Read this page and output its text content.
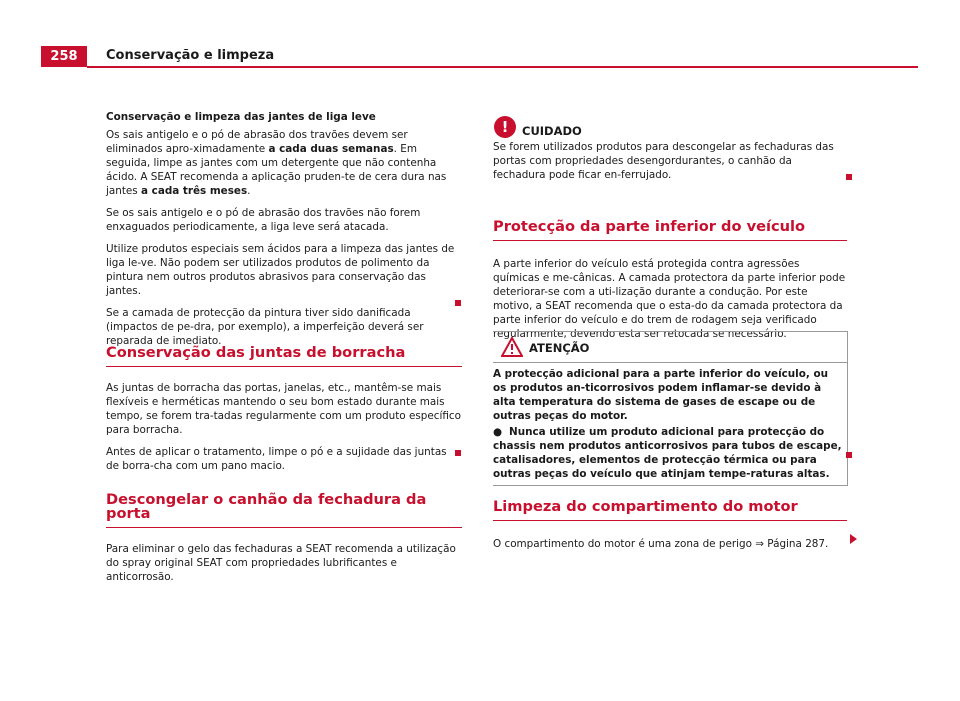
258	Conservação e limpeza
Conservação e limpeza das jantes de liga leve

Os sais antigelo e o pó de abrasão dos travões devem ser eliminados apro-ximadamente a cada duas semanas. Em seguida, limpe as jantes com um detergente que não contenha ácido. A SEAT recomenda a aplicação pruden-te de cera dura nas jantes a cada três meses.

Se os sais antigelo e o pó de abrasão dos travões não forem enxaguados periodicamente, a liga leve será atacada.

Utilize produtos especiais sem ácidos para a limpeza das jantes de liga le-ve. Não podem ser utilizados produtos de polimento da pintura nem outros produtos abrasivos para conservação das jantes.

Se a camada de protecção da pintura tiver sido danificada (impactos de pe-dra, por exemplo), a imperfeição deverá ser reparada de imediato.

Conservação das juntas de borracha

As juntas de borracha das portas, janelas, etc., mantêm-se mais flexíveis e herméticas mantendo o seu bom estado durante mais tempo, se forem tra-tadas regularmente com um produto específico para borracha.

Antes de aplicar o tratamento, limpe o pó e a sujidade das juntas de borra-cha com um pano macio.

Descongelar o canhão da fechadura da porta

Para eliminar o gelo das fechaduras a SEAT recomenda a utilização do spray original SEAT com propriedades lubrificantes e anticorrosão.

!	CUIDADO

Se forem utilizados produtos para descongelar as fechaduras das portas com propriedades desengordurantes, o canhão da fechadura pode ficar en-ferrujado.

Protecção da parte inferior do veículo

A parte inferior do veículo está protegida contra agressões químicas e me-cânicas. A camada protectora da parte inferior pode deteriorar-se com a uti-lização durante a condução. Por este motivo, a SEAT recomenda que o esta-do da camada protectora da parte inferior do veículo e do trem de rodagem seja verificado regularmente, devendo esta ser retocada se necessário.

ATENÇÃO
A protecção adicional para a parte inferior do veículo, ou os produtos an-ticorrosivos podem inflamar-se devido à alta temperatura do sistema de gases de escape ou de outras peças do motor.
● Nunca utilize um produto adicional para protecção do chassis nem produtos anticorrosivos para tubos de escape, catalisadores, elementos de protecção térmica ou para outras peças do veículo que atinjam tempe-raturas altas.
Limpeza do compartimento do motor

O compartimento do motor é uma zona de perigo ⇒ Página 287.
